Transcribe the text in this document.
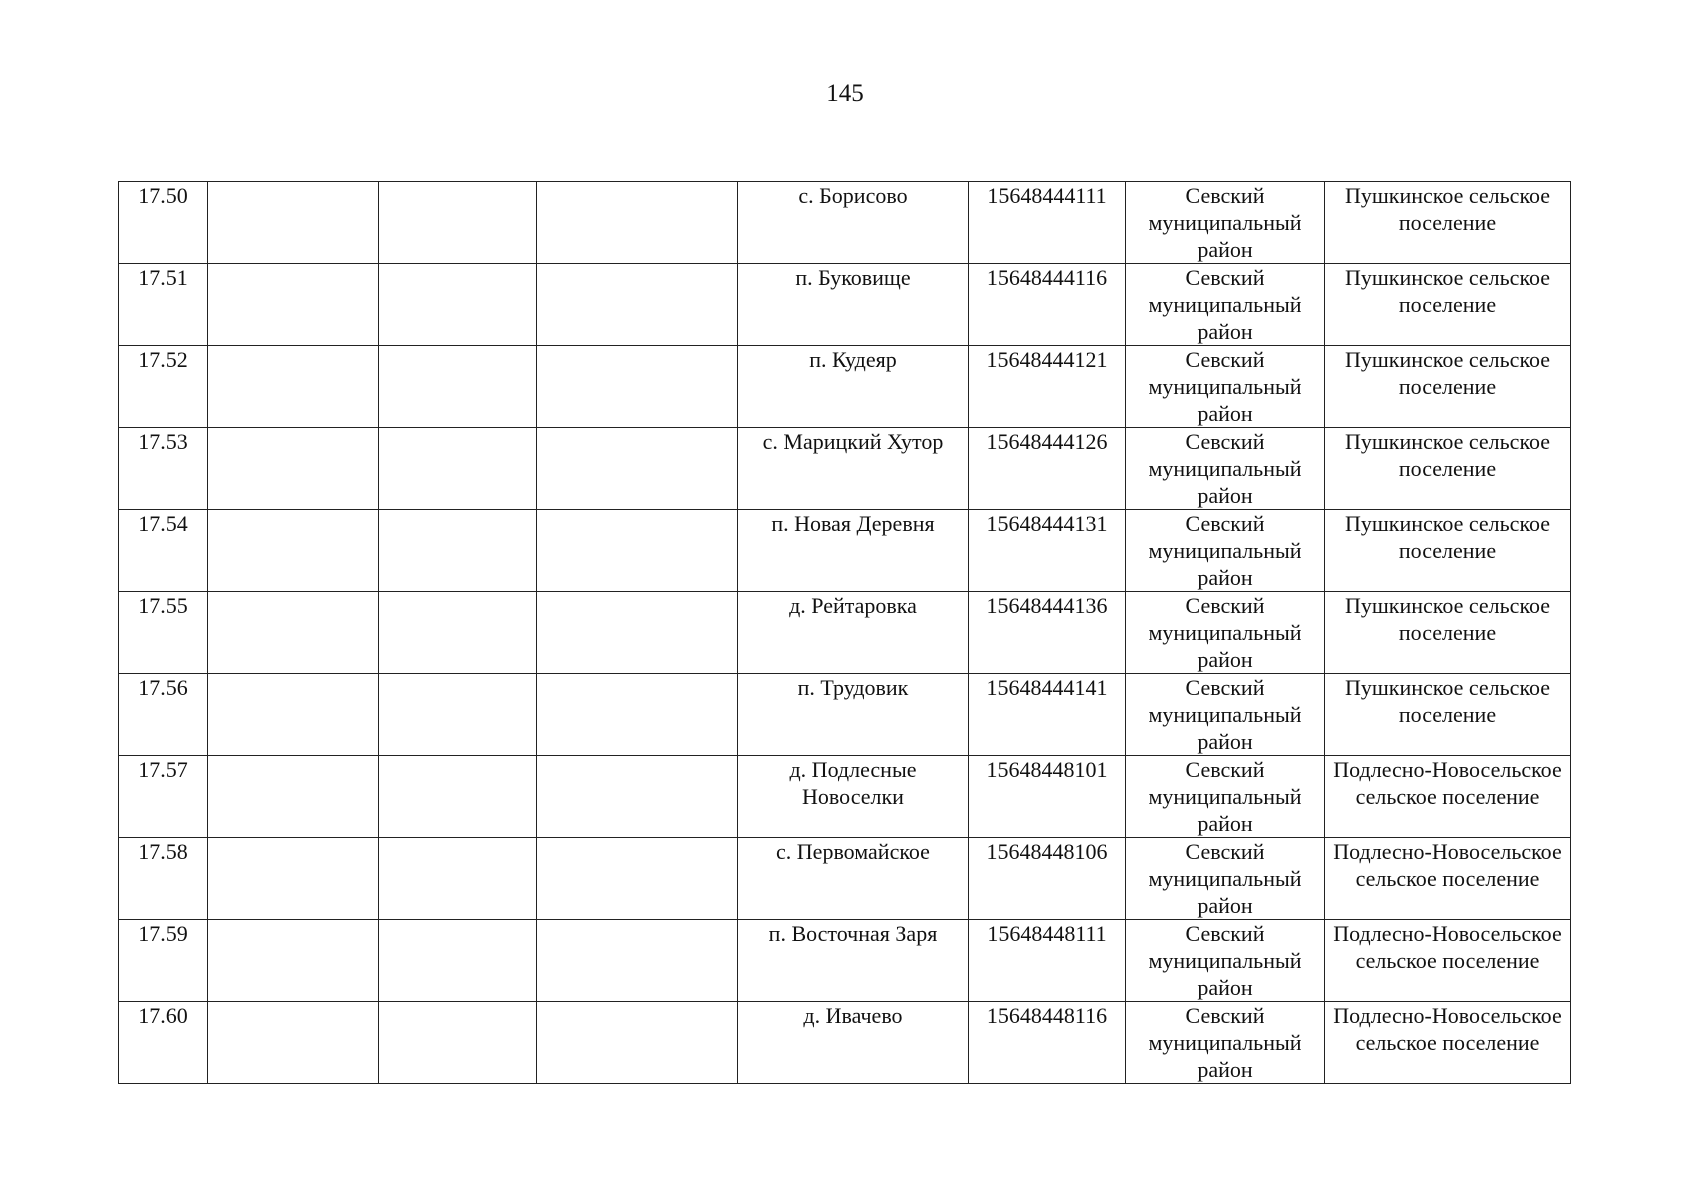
145
17.50				с. Борисово	15648444111	Севский муниципальный район	Пушкинское сельское поселение
17.51				п. Буковище	15648444116	Севский муниципальный район	Пушкинское сельское поселение
17.52				п. Кудеяр	15648444121	Севский муниципальный район	Пушкинское сельское поселение
17.53				с. Марицкий Хутор	15648444126	Севский муниципальный район	Пушкинское сельское поселение
17.54				п. Новая Деревня	15648444131	Севский муниципальный район	Пушкинское сельское поселение
17.55				д. Рейтаровка	15648444136	Севский муниципальный район	Пушкинское сельское поселение
17.56				п. Трудовик	15648444141	Севский муниципальный район	Пушкинское сельское поселение
17.57				д. Подлесные Новоселки	15648448101	Севский муниципальный район	Подлесно-Новосельское сельское поселение
17.58				с. Первомайское	15648448106	Севский муниципальный район	Подлесно-Новосельское сельское поселение
17.59				п. Восточная Заря	15648448111	Севский муниципальный район	Подлесно-Новосельское сельское поселение
17.60				д. Ивачево	15648448116	Севский муниципальный район	Подлесно-Новосельское сельское поселение
